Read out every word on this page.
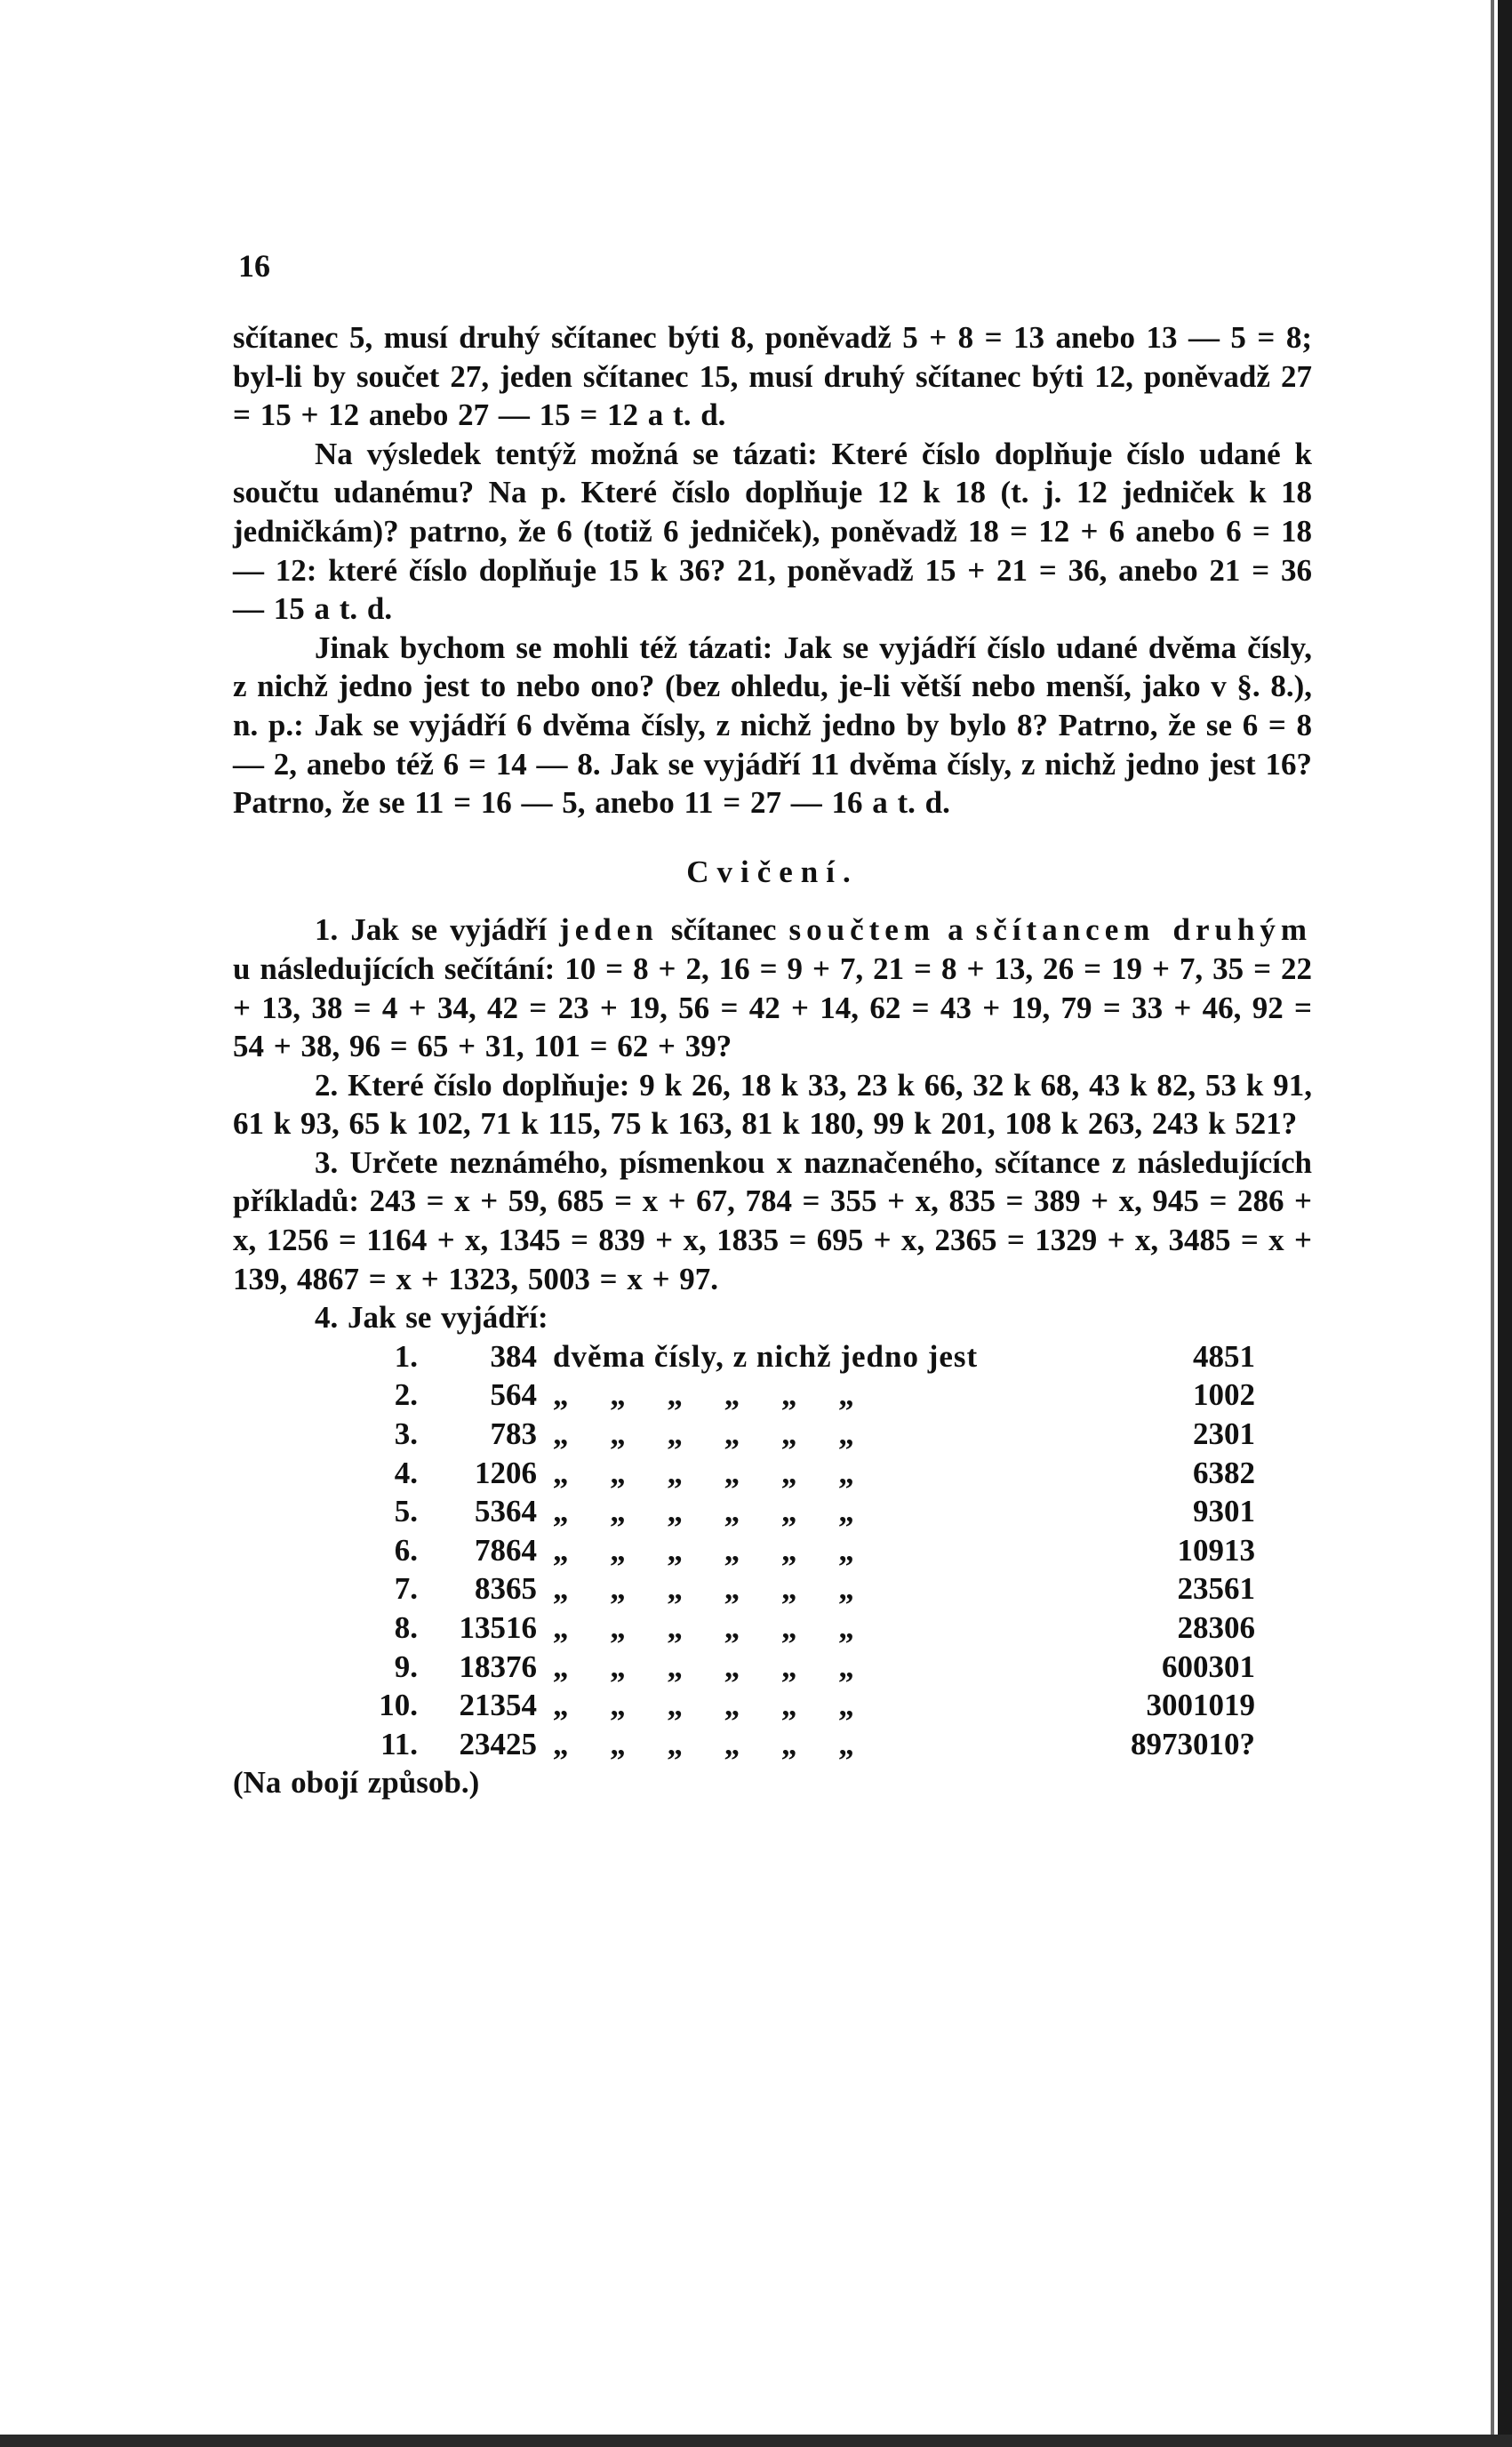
16

sčítanec 5, musí druhý sčítanec býti 8, poněvadž 5 + 8 = 13 anebo 13 — 5 = 8; byl-li by součet 27, jeden sčítanec 15, musí druhý sčítanec býti 12, poněvadž 27 = 15 + 12 anebo 27 — 15 = 12 a t. d.

Na výsledek tentýž možná se tázati: Které číslo doplňuje číslo udané k součtu udanému? Na p. Které číslo doplňuje 12 k 18 (t. j. 12 jedniček k 18 jedničkám)? patrno, že 6 (totiž 6 jedniček), poněvadž 18 = 12 + 6 anebo 6 = 18 — 12: které číslo doplňuje 15 k 36? 21, poněvadž 15 + 21 = 36, anebo 21 = 36 — 15 a t. d.

Jinak bychom se mohli též tázati: Jak se vyjádří číslo udané dvěma čísly, z nichž jedno jest to nebo ono? (bez ohledu, je-li větší nebo menší, jako v §. 8.), n. p.: Jak se vyjádří 6 dvěma čísly, z nichž jedno by bylo 8? Patrno, že se 6 = 8 — 2, anebo též 6 = 14 — 8. Jak se vyjádří 11 dvěma čísly, z nichž jedno jest 16? Patrno, že se 11 = 16 — 5, anebo 11 = 27 — 16 a t. d.

Cvičení.

1. Jak se vyjádří jeden sčítanec součtem a sčítancem druhým u následujících sečítání: 10 = 8 + 2, 16 = 9 + 7, 21 = 8 + 13, 26 = 19 + 7, 35 = 22 + 13, 38 = 4 + 34, 42 = 23 + 19, 56 = 42 + 14, 62 = 43 + 19, 79 = 33 + 46, 92 = 54 + 38, 96 = 65 + 31, 101 = 62 + 39?

2. Které číslo doplňuje: 9 k 26, 18 k 33, 23 k 66, 32 k 68, 43 k 82, 53 k 91, 61 k 93, 65 k 102, 71 k 115, 75 k 163, 81 k 180, 99 k 201, 108 k 263, 243 k 521?

3. Určete neznámého, písmenkou x naznačeného, sčítance z následujících příkladů: 243 = x + 59, 685 = x + 67, 784 = 355 + x, 835 = 389 + x, 945 = 286 + x, 1256 = 1164 + x, 1345 = 839 + x, 1835 = 695 + x, 2365 = 1329 + x, 3485 = x + 139, 4867 = x + 1323, 5003 = x + 97.

4. Jak se vyjádří:

1.	384	dvěma čísly, z nichž jedno jest	4851
2.	564	„ „ „ „ „ „	1002
3.	783	„ „ „ „ „ „	2301
4.	1206	„ „ „ „ „ „	6382
5.	5364	„ „ „ „ „ „	9301
6.	7864	„ „ „ „ „ „	10913
7.	8365	„ „ „ „ „ „	23561
8.	13516	„ „ „ „ „ „	28306
9.	18376	„ „ „ „ „ „	600301
10.	21354	„ „ „ „ „ „	3001019
11.	23425	„ „ „ „ „ „	8973010?

(Na obojí způsob.)
